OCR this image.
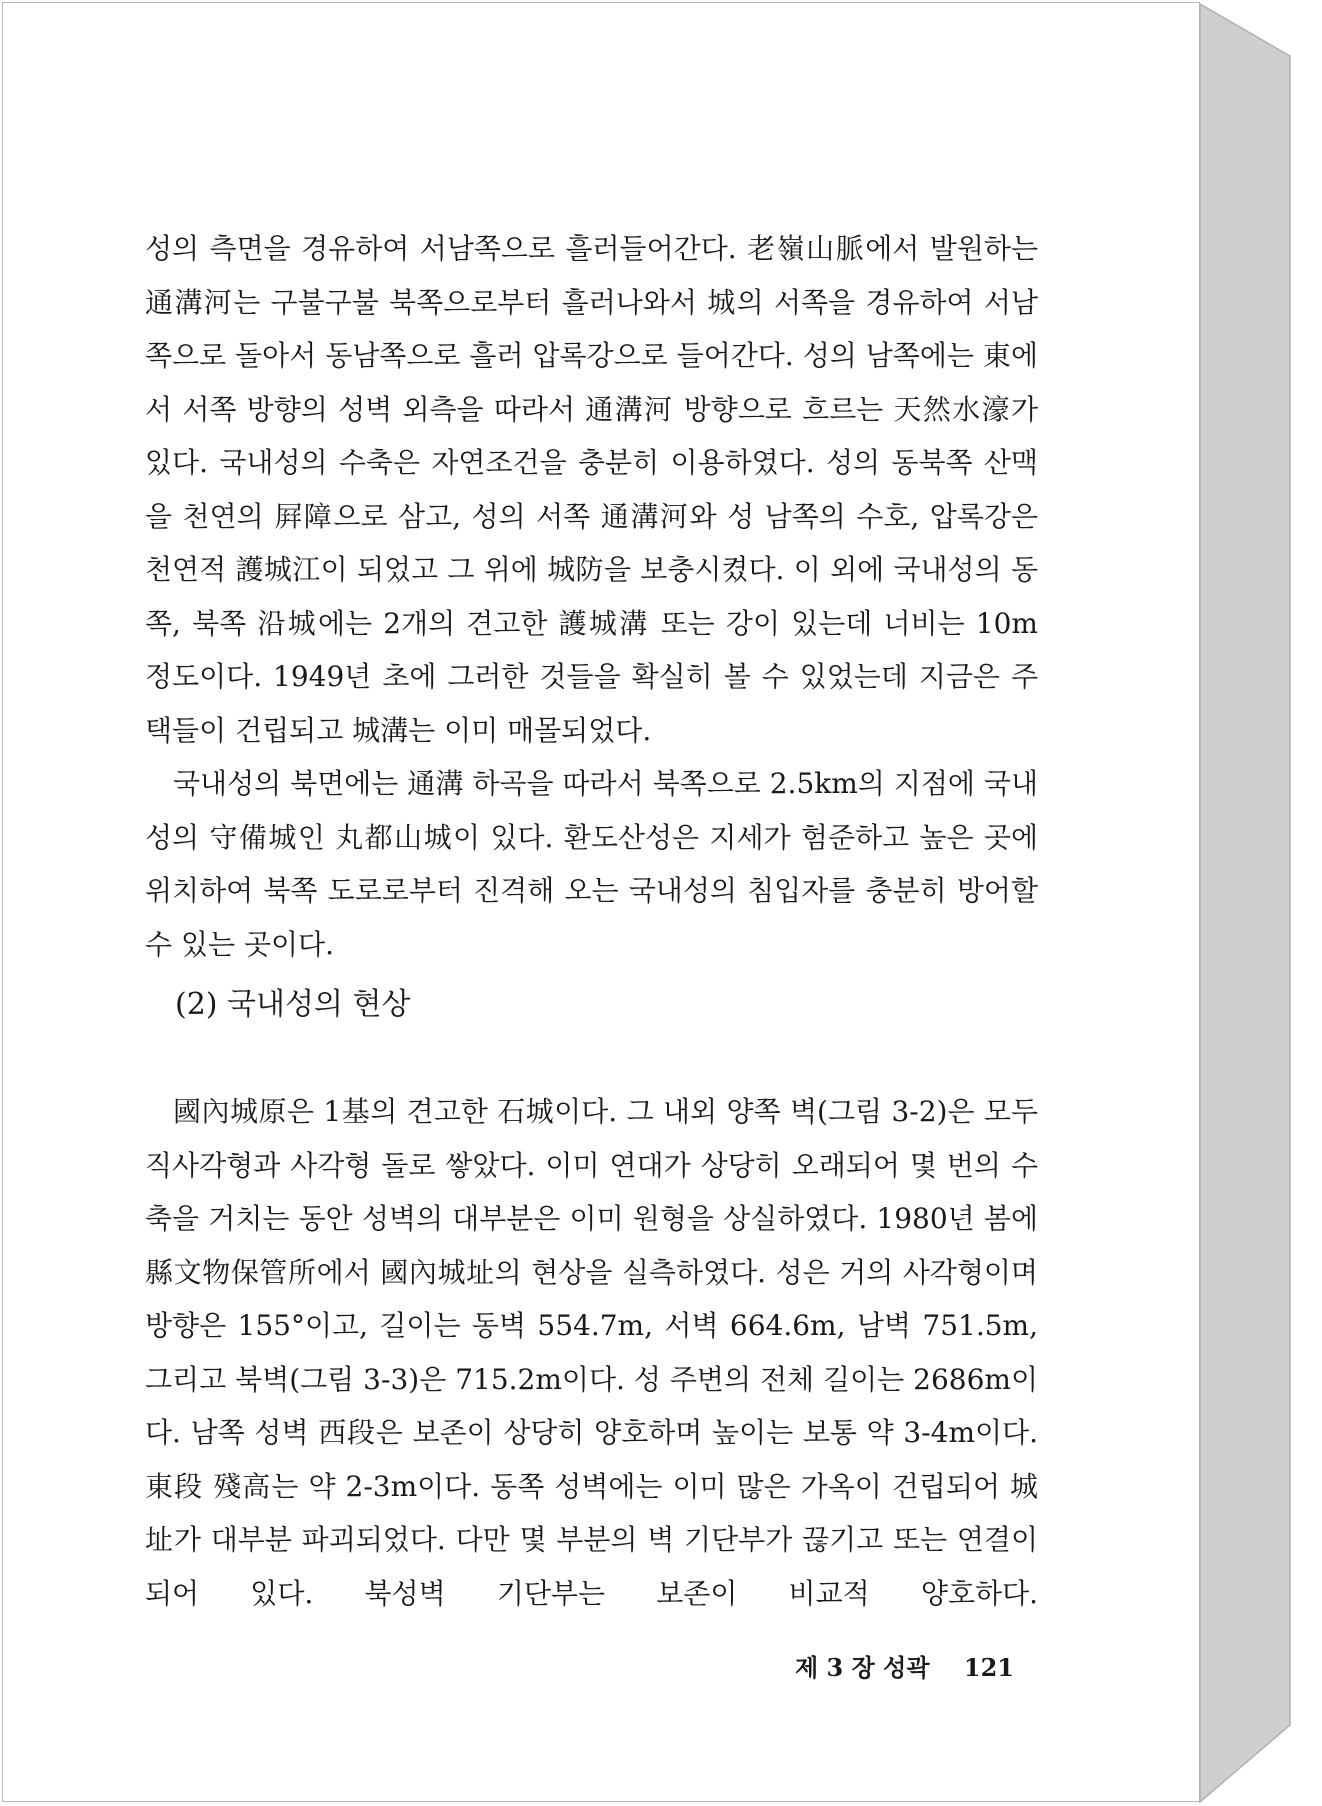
성의 측면을 경유하여 서남쪽으로 흘러들어간다. 老嶺山脈에서 발원하는 通溝河는 구불구불 북쪽으로부터 흘러나와서 城의 서쪽을 경유하여 서남쪽으로 돌아서 동남쪽으로 흘러 압록강으로 들어간다. 성의 남쪽에는 東에서 서쪽 방향의 성벽 외측을 따라서 通溝河 방향으로 흐르는 天然水濠가 있다. 국내성의 수축은 자연조건을 충분히 이용하였다. 성의 동북쪽 산맥을 천연의 屛障으로 삼고, 성의 서쪽 通溝河와 성 남쪽의 수호, 압록강은 천연적 護城江이 되었고 그 위에 城防을 보충시켰다. 이 외에 국내성의 동쪽, 북쪽 沿城에는 2개의 견고한 護城溝 또는 강이 있는데 너비는 10m 정도이다. 1949년 초에 그러한 것들을 확실히 볼 수 있었는데 지금은 주택들이 건립되고 城溝는 이미 매몰되었다.

국내성의 북면에는 通溝 하곡을 따라서 북쪽으로 2.5km의 지점에 국내성의 守備城인 丸都山城이 있다. 환도산성은 지세가 험준하고 높은 곳에 위치하여 북쪽 도로로부터 진격해 오는 국내성의 침입자를 충분히 방어할 수 있는 곳이다.

(2) 국내성의 현상

國內城原은 1基의 견고한 石城이다. 그 내외 양쪽 벽(그림 3-2)은 모두 직사각형과 사각형 돌로 쌓았다. 이미 연대가 상당히 오래되어 몇 번의 수축을 거치는 동안 성벽의 대부분은 이미 원형을 상실하였다. 1980년 봄에 縣文物保管所에서 國內城址의 현상을 실측하였다. 성은 거의 사각형이며 방향은 155°이고, 길이는 동벽 554.7m, 서벽 664.6m, 남벽 751.5m, 그리고 북벽(그림 3-3)은 715.2m이다. 성 주변의 전체 길이는 2686m이다. 남쪽 성벽 西段은 보존이 상당히 양호하며 높이는 보통 약 3-4m이다. 東段 殘高는 약 2-3m이다. 동쪽 성벽에는 이미 많은 가옥이 건립되어 城址가 대부분 파괴되었다. 다만 몇 부분의 벽 기단부가 끊기고 또는 연결이 되어 있다. 북성벽 기단부는 보존이 비교적 양호하다.

제 3 장 성곽 121
